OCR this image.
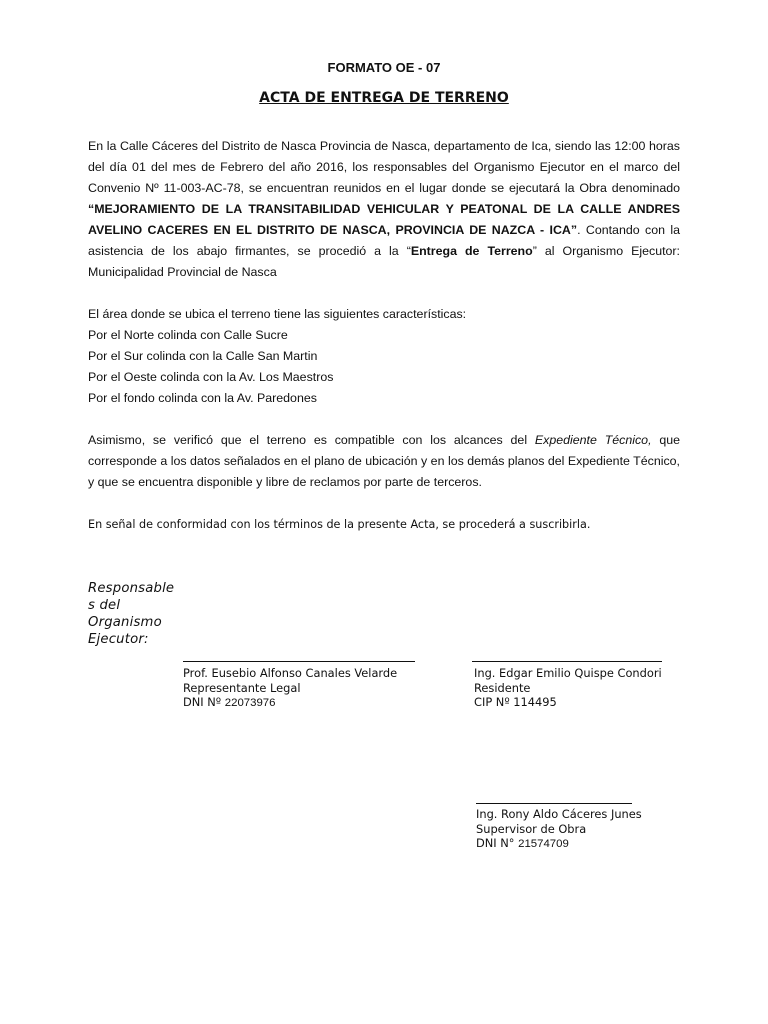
FORMATO OE - 07
ACTA DE ENTREGA DE TERRENO

En la Calle Cáceres del Distrito de Nasca Provincia de Nasca, departamento de Ica, siendo las 12:00 horas del día 01 del mes de Febrero del año 2016, los responsables del Organismo Ejecutor en el marco del Convenio Nº 11-003-AC-78, se encuentran reunidos en el lugar donde se ejecutará la Obra denominado “MEJORAMIENTO DE LA TRANSITABILIDAD VEHICULAR Y PEATONAL DE LA CALLE ANDRES AVELINO CACERES EN EL DISTRITO DE NASCA, PROVINCIA DE NAZCA - ICA”. Contando con la asistencia de los abajo firmantes, se procedió a la “Entrega de Terreno” al Organismo Ejecutor: Municipalidad Provincial de Nasca

El área donde se ubica el terreno tiene las siguientes características:
Por el Norte colinda con Calle Sucre
Por el Sur colinda con la Calle San Martin
Por el Oeste colinda con la Av. Los Maestros
Por el fondo colinda con la Av. Paredones

Asimismo, se verificó que el terreno es compatible con los alcances del Expediente Técnico, que corresponde a los datos señalados en el plano de ubicación y en los demás planos del Expediente Técnico, y que se encuentra disponible y libre de reclamos por parte de terceros.

En señal de conformidad con los términos de la presente Acta, se procederá a suscribirla.

Responsable
s del
Organismo
Ejecutor:
Prof. Eusebio Alfonso Canales Velarde
Representante Legal
DNI Nº 22073976
Ing. Edgar Emilio Quispe Condori
Residente
CIP Nº 114495
Ing. Rony Aldo Cáceres Junes
Supervisor de Obra
DNI N° 21574709
